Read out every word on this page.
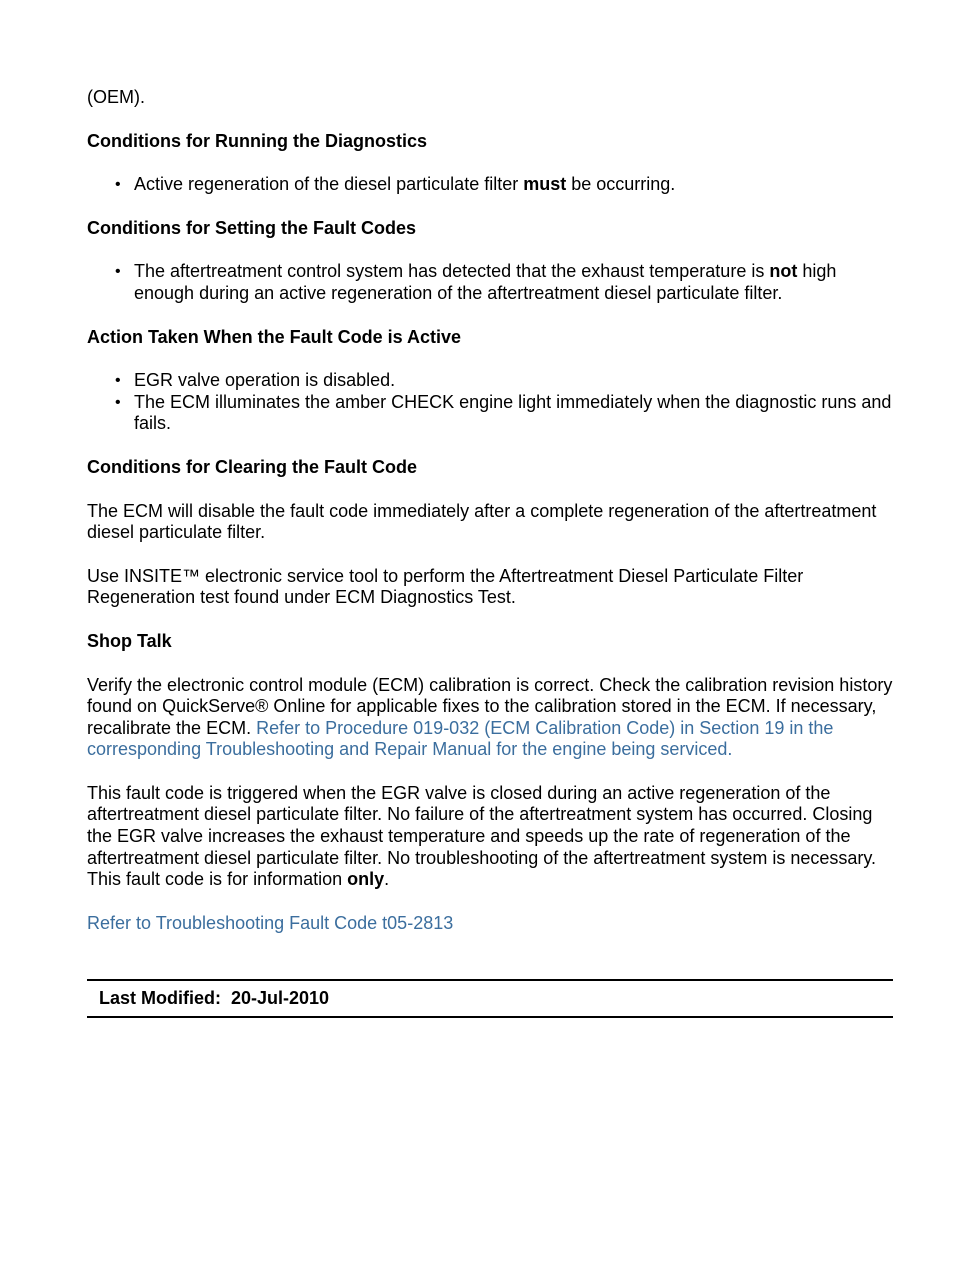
(OEM).

Conditions for Running the Diagnostics
• Active regeneration of the diesel particulate filter must be occurring.
Conditions for Setting the Fault Codes
• The aftertreatment control system has detected that the exhaust temperature is not high enough during an active regeneration of the aftertreatment diesel particulate filter.
Action Taken When the Fault Code is Active
• EGR valve operation is disabled.
• The ECM illuminates the amber CHECK engine light immediately when the diagnostic runs and fails.
Conditions for Clearing the Fault Code

The ECM will disable the fault code immediately after a complete regeneration of the aftertreatment diesel particulate filter.

Use INSITE™ electronic service tool to perform the Aftertreatment Diesel Particulate Filter Regeneration test found under ECM Diagnostics Test.

Shop Talk

Verify the electronic control module (ECM) calibration is correct. Check the calibration revision history found on QuickServe® Online for applicable fixes to the calibration stored in the ECM. If necessary, recalibrate the ECM. Refer to Procedure 019-032 (ECM Calibration Code) in Section 19 in the corresponding Troubleshooting and Repair Manual for the engine being serviced.

This fault code is triggered when the EGR valve is closed during an active regeneration of the aftertreatment diesel particulate filter. No failure of the aftertreatment system has occurred. Closing the EGR valve increases the exhaust temperature and speeds up the rate of regeneration of the aftertreatment diesel particulate filter. No troubleshooting of the aftertreatment system is necessary. This fault code is for information only.

Refer to Troubleshooting Fault Code t05-2813

Last Modified:  20-Jul-2010
